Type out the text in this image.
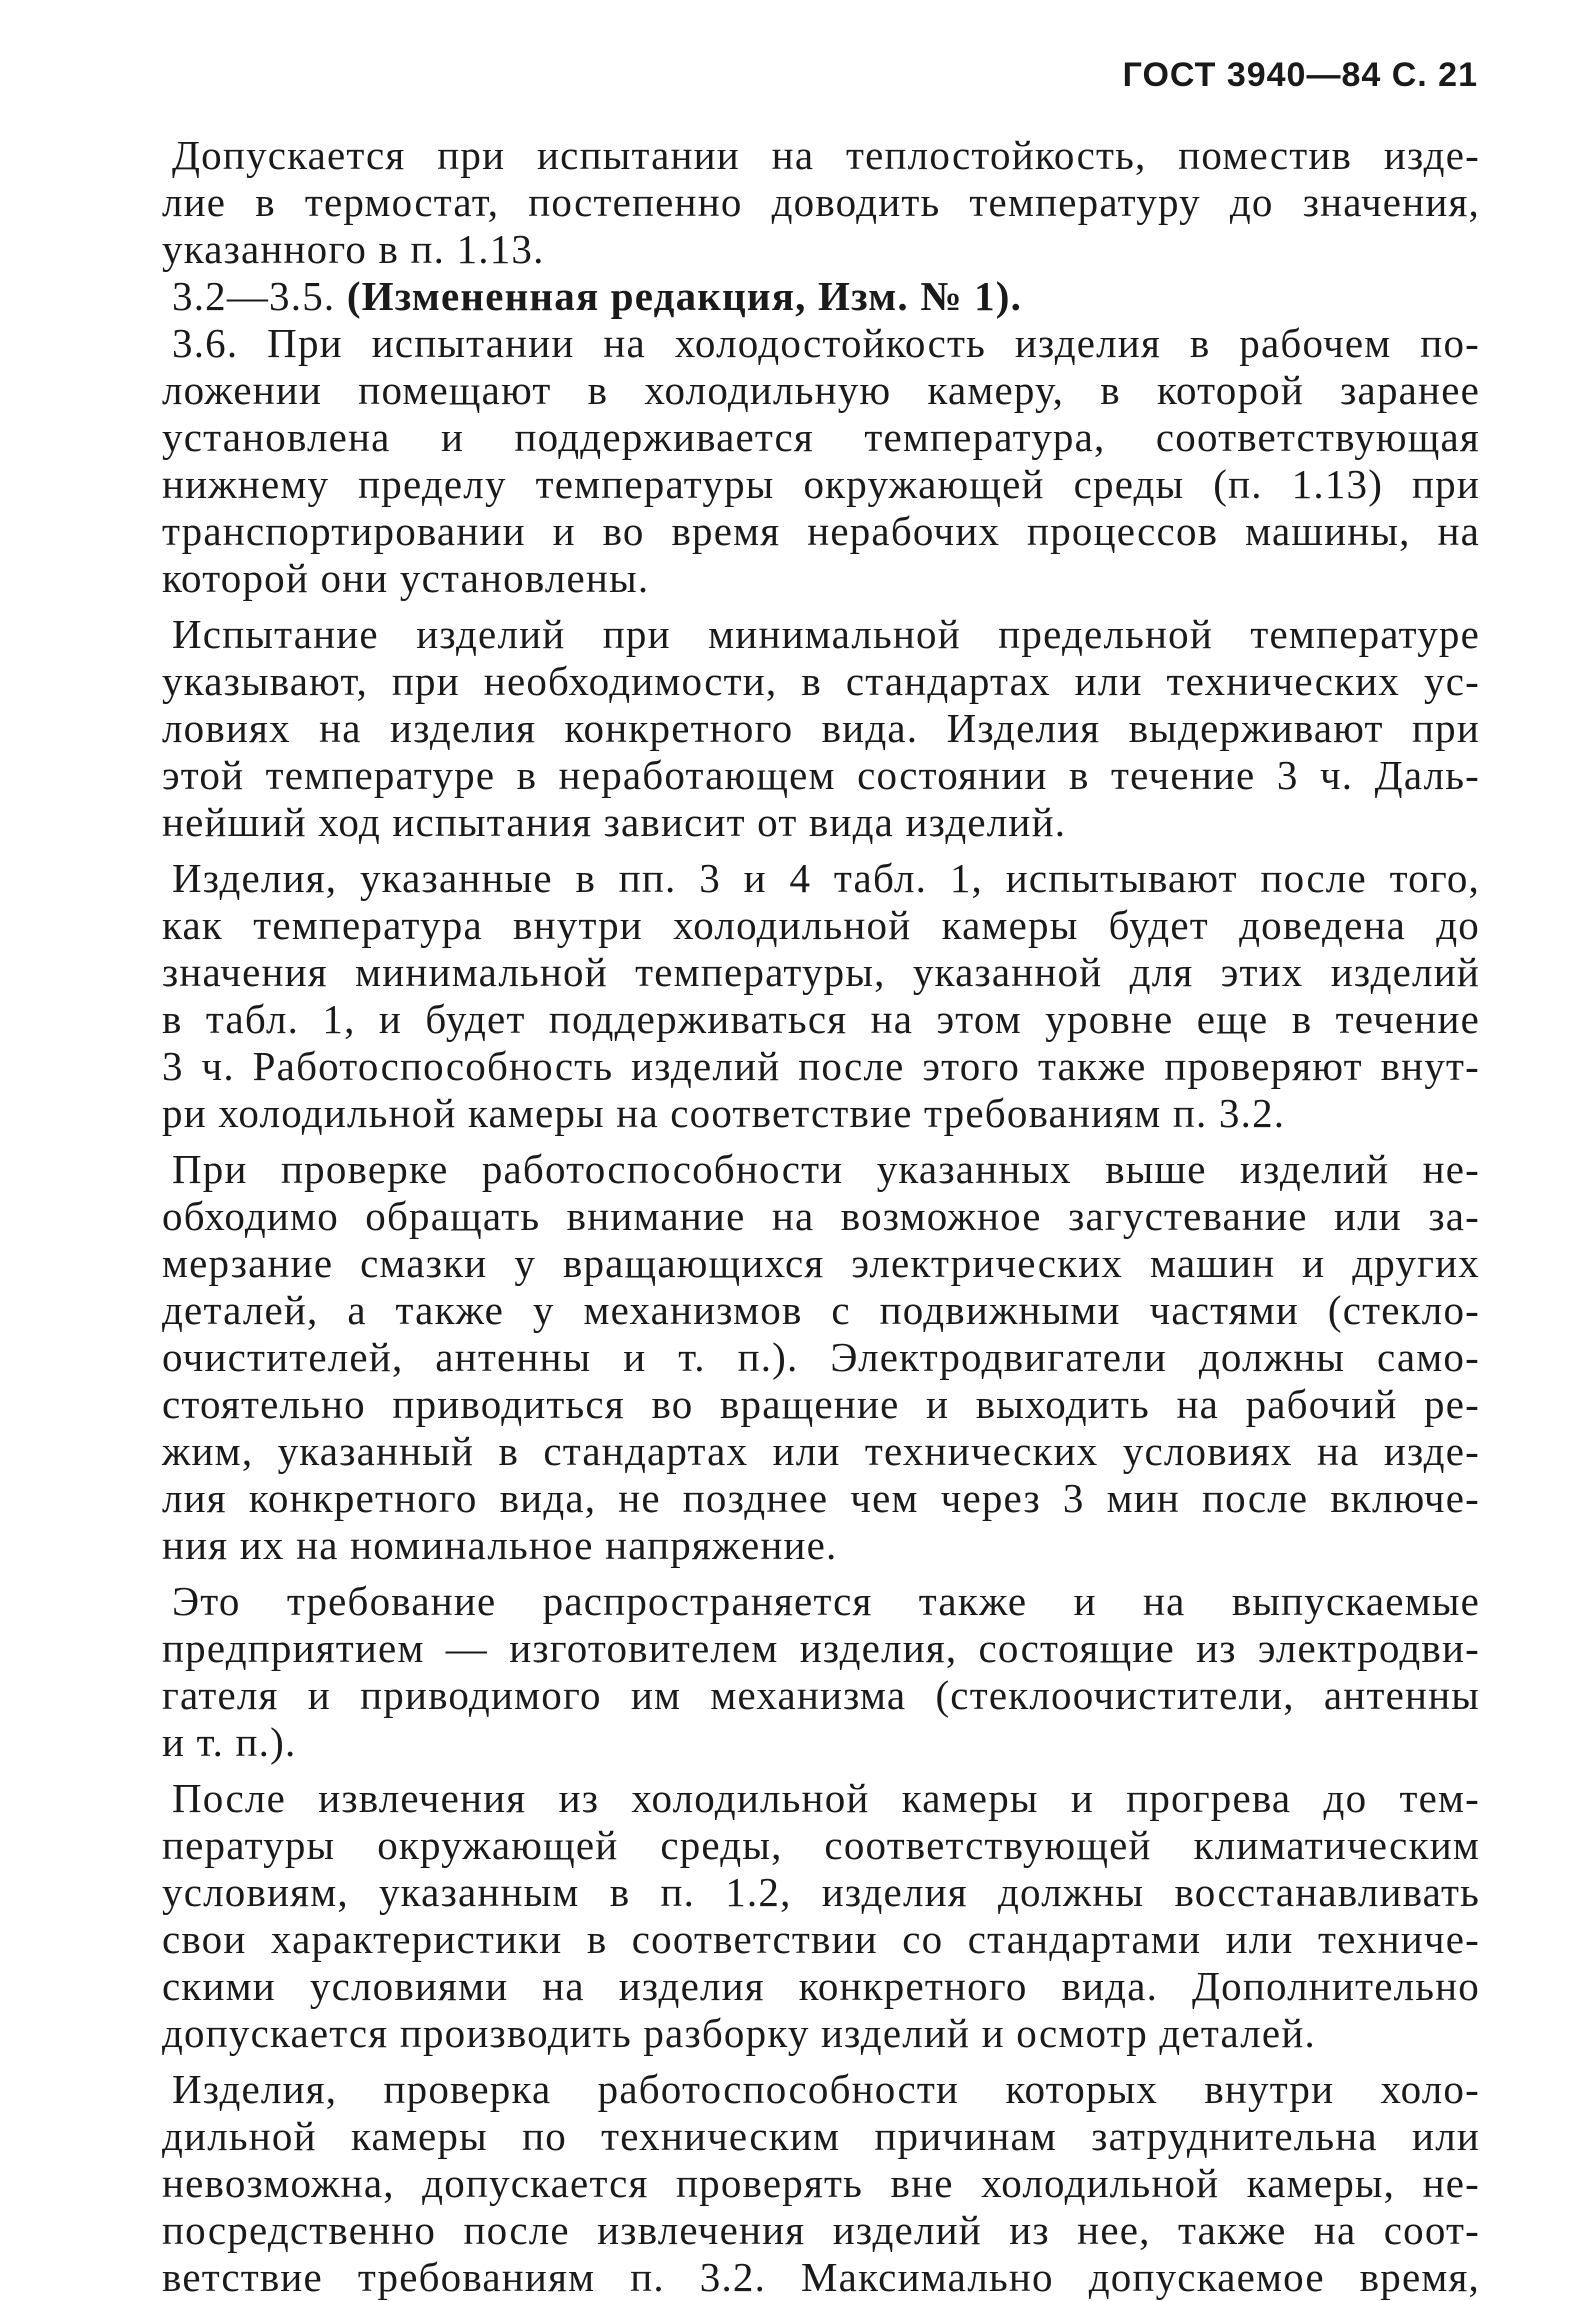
ГОСТ 3940—84 С. 21
Допускается при испытании на теплостойкость, поместив изде-
лие в термостат, постепенно доводить температуру до значения,
указанного в п. 1.13.
3.2—3.5. (Измененная редакция, Изм. № 1).
3.6. При испытании на холодостойкость изделия в рабочем по-
ложении помещают в холодильную камеру, в которой заранее
установлена и поддерживается температура, соответствующая
нижнему пределу температуры окружающей среды (п. 1.13) при
транспортировании и во время нерабочих процессов машины, на
которой они установлены.
Испытание изделий при минимальной предельной температуре
указывают, при необходимости, в стандартах или технических ус-
ловиях на изделия конкретного вида. Изделия выдерживают при
этой температуре в неработающем состоянии в течение 3 ч. Даль-
нейший ход испытания зависит от вида изделий.
Изделия, указанные в пп. 3 и 4 табл. 1, испытывают после того,
как температура внутри холодильной камеры будет доведена до
значения минимальной температуры, указанной для этих изделий
в табл. 1, и будет поддерживаться на этом уровне еще в течение
3 ч. Работоспособность изделий после этого также проверяют внут-
ри холодильной камеры на соответствие требованиям п. 3.2.
При проверке работоспособности указанных выше изделий не-
обходимо обращать внимание на возможное загустевание или за-
мерзание смазки у вращающихся электрических машин и других
деталей, а также у механизмов с подвижными частями (стекло-
очистителей, антенны и т. п.). Электродвигатели должны само-
стоятельно приводиться во вращение и выходить на рабочий ре-
жим, указанный в стандартах или технических условиях на изде-
лия конкретного вида, не позднее чем через 3 мин после включе-
ния их на номинальное напряжение.
Это требование распространяется также и на выпускаемые
предприятием — изготовителем изделия, состоящие из электродви-
гателя и приводимого им механизма (стеклоочистители, антенны
и т. п.).
После извлечения из холодильной камеры и прогрева до тем-
пературы окружающей среды, соответствующей климатическим
условиям, указанным в п. 1.2, изделия должны восстанавливать
свои характеристики в соответствии со стандартами или техниче-
скими условиями на изделия конкретного вида. Дополнительно
допускается производить разборку изделий и осмотр деталей.
Изделия, проверка работоспособности которых внутри холо-
дильной камеры по техническим причинам затруднительна или
невозможна, допускается проверять вне холодильной камеры, не-
посредственно после извлечения изделий из нее, также на соот-
ветствие требованиям п. 3.2. Максимально допускаемое время,
